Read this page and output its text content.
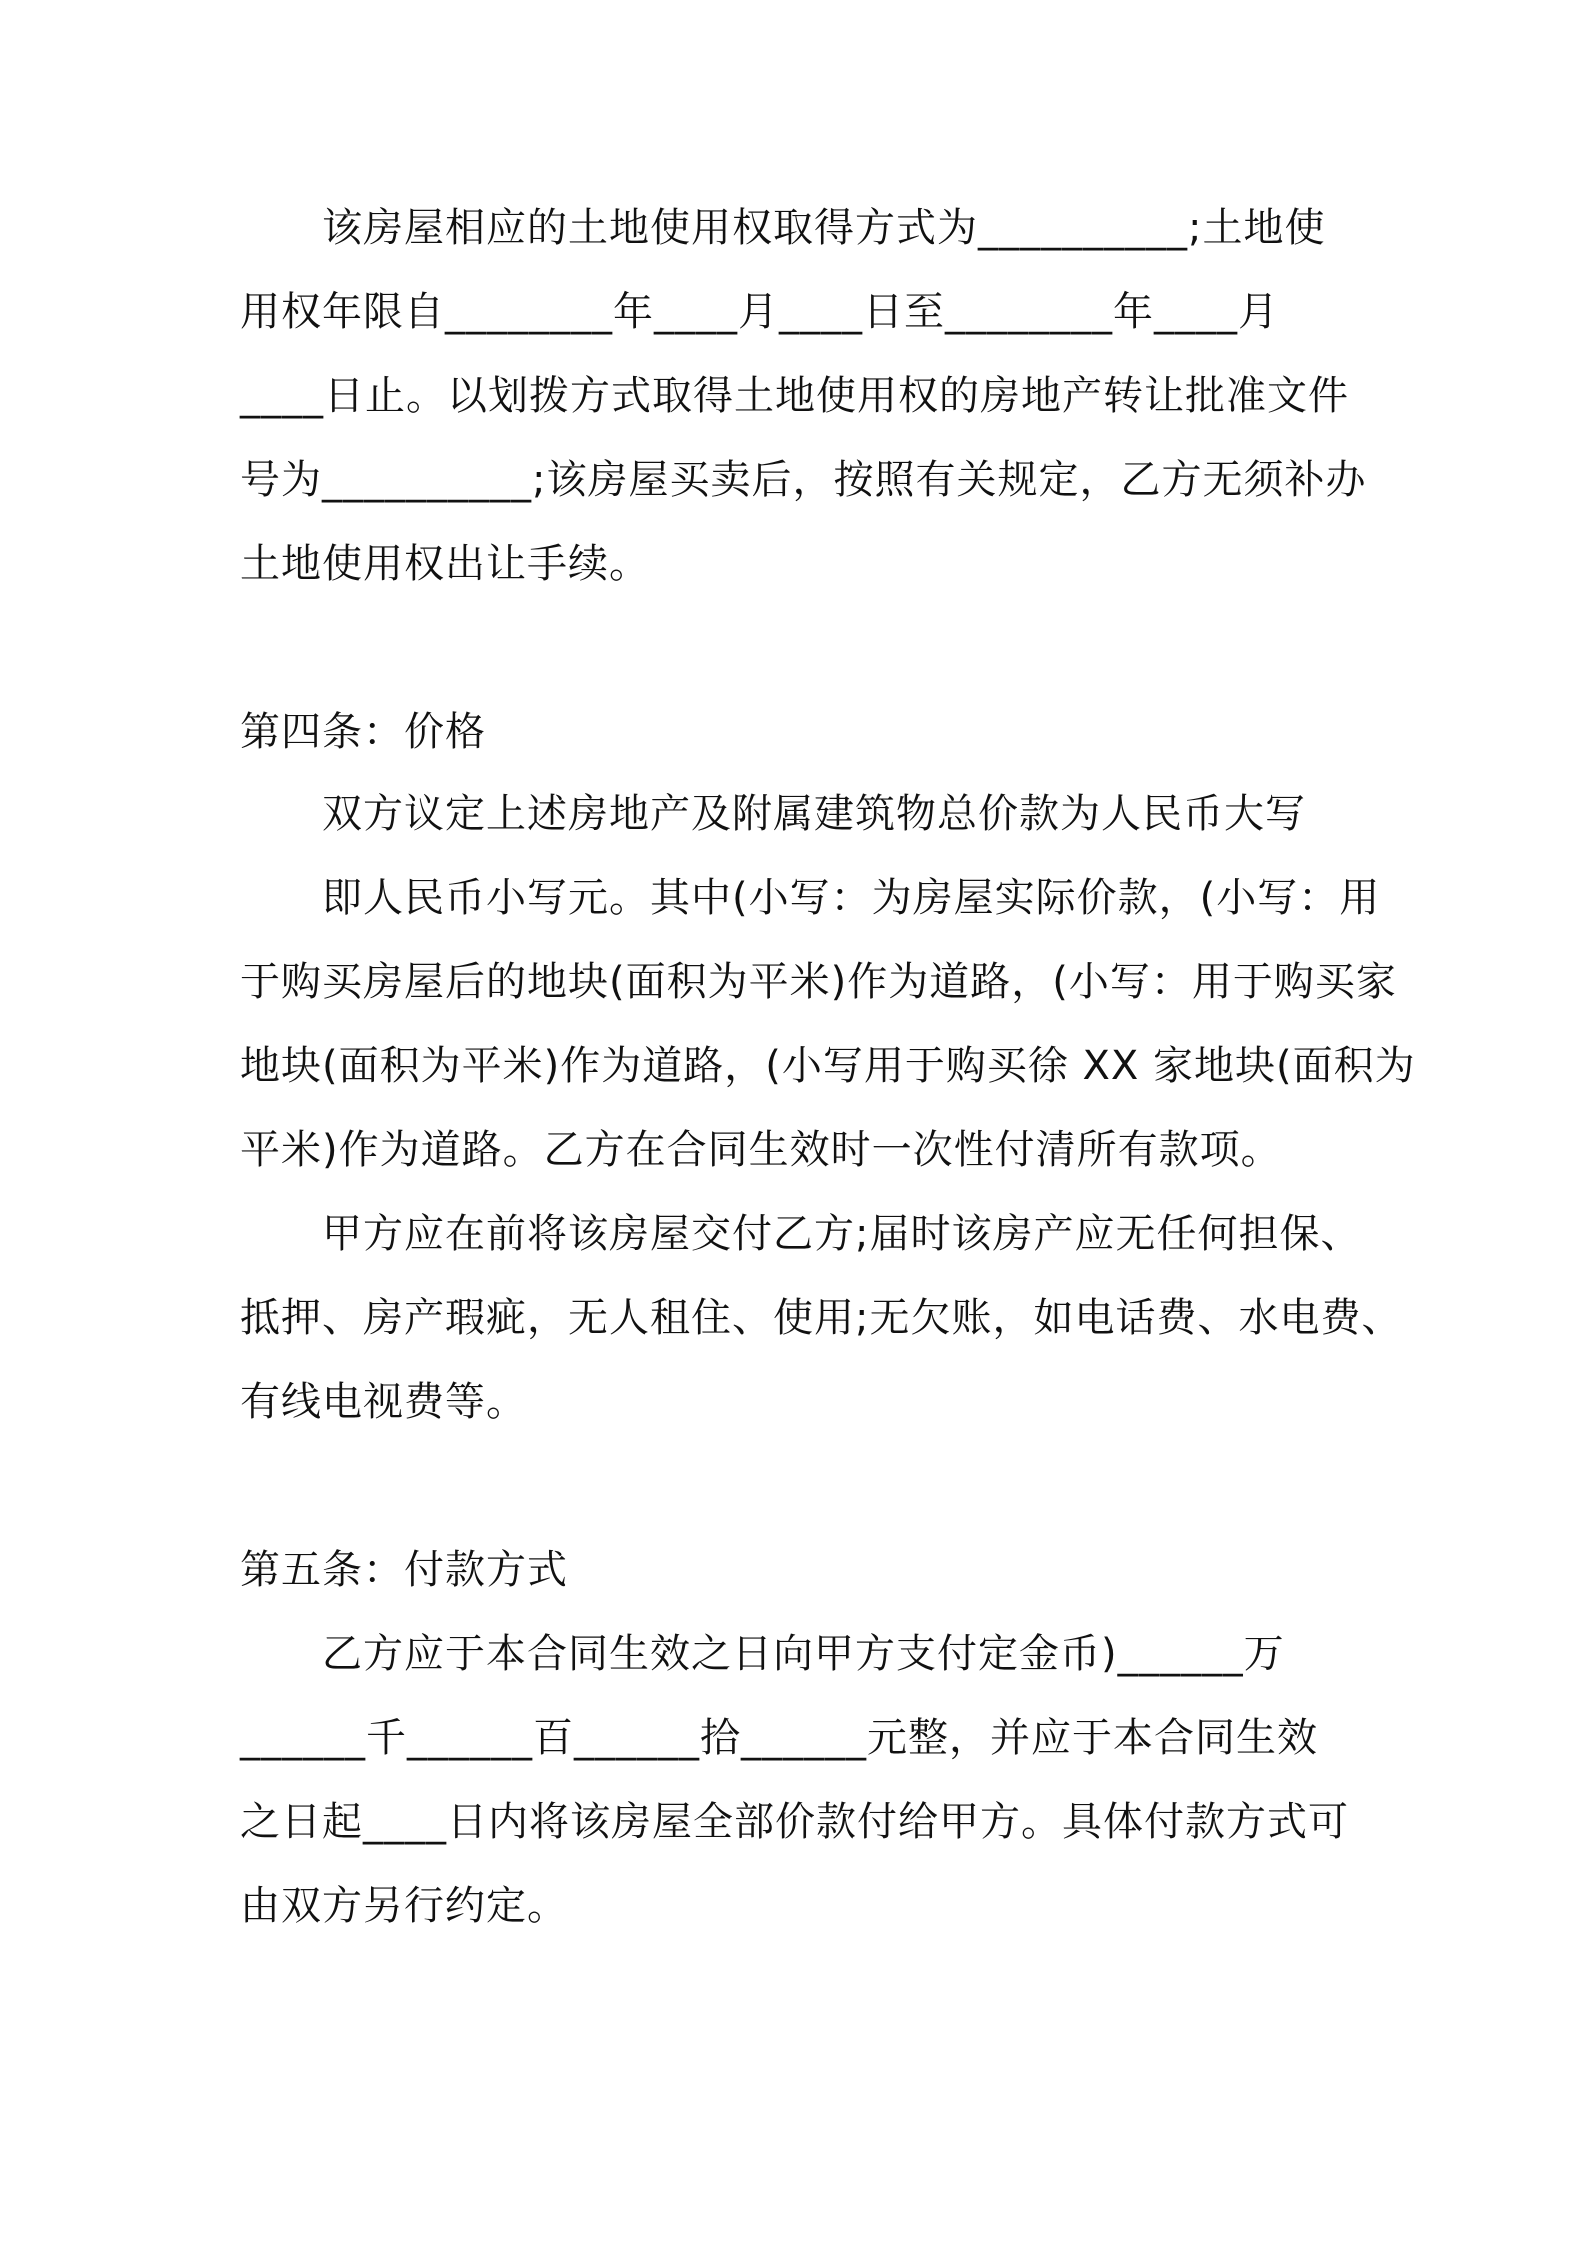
该房屋相应的土地使用权取得方式为__________;土地使
用权年限自________年____月____日至________年____月
____日止。以划拨方式取得土地使用权的房地产转让批准文件
号为__________;该房屋买卖后，按照有关规定，乙方无须补办
土地使用权出让手续。
第四条：价格
双方议定上述房地产及附属建筑物总价款为人民币大写
即人民币小写元。其中(小写：为房屋实际价款，(小写：用
于购买房屋后的地块(面积为平米)作为道路，(小写：用于购买家
地块(面积为平米)作为道路，(小写用于购买徐 XX 家地块(面积为
平米)作为道路。乙方在合同生效时一次性付清所有款项。
甲方应在前将该房屋交付乙方;届时该房产应无任何担保、
抵押、房产瑕疵，无人租住、使用;无欠账，如电话费、水电费、
有线电视费等。
第五条：付款方式
乙方应于本合同生效之日向甲方支付定金币)______万
______千______百______拾______元整，并应于本合同生效
之日起____日内将该房屋全部价款付给甲方。具体付款方式可
由双方另行约定。
